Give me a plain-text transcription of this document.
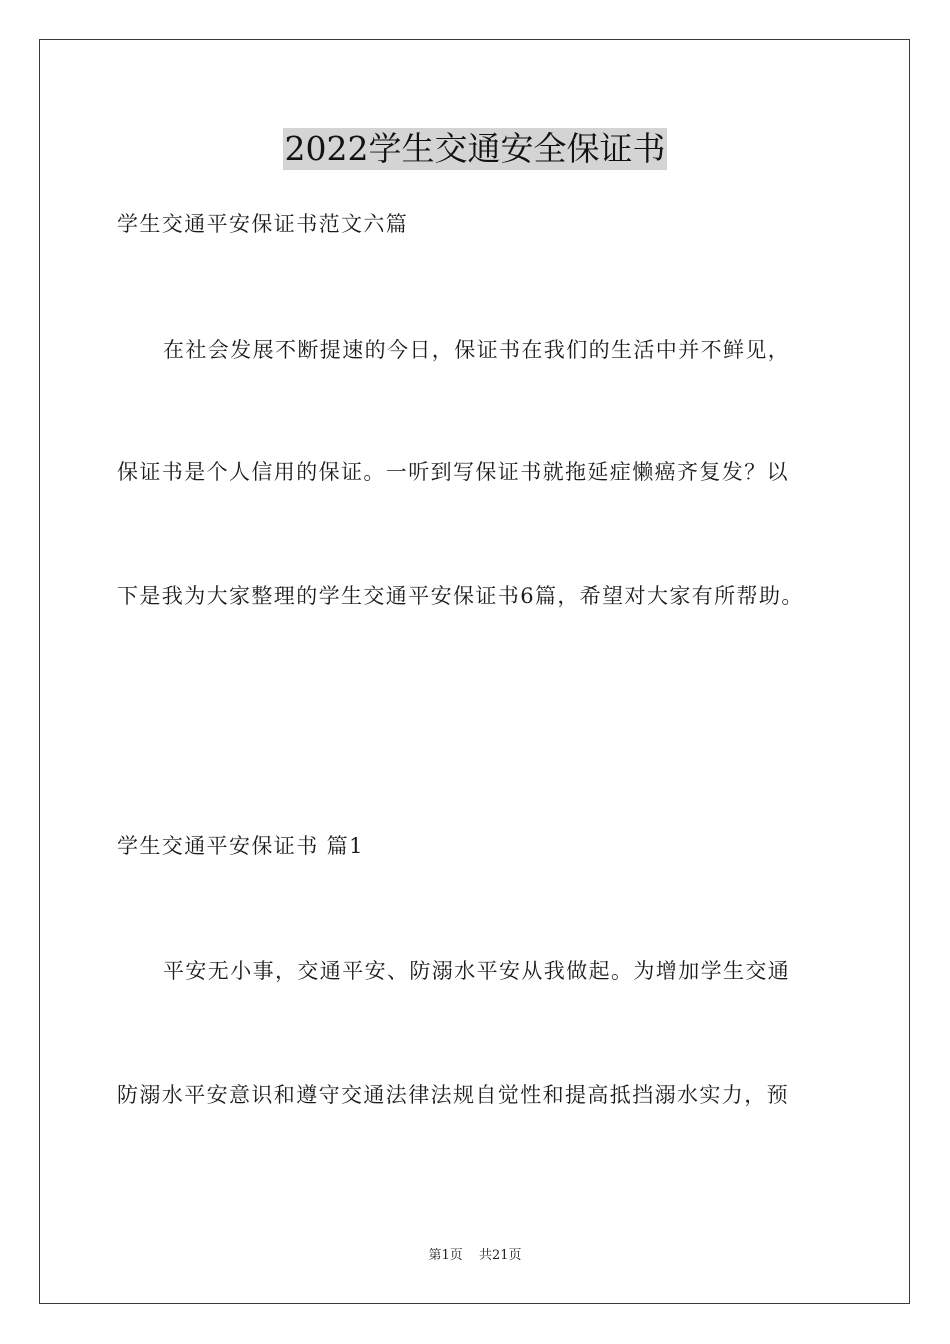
2022学生交通安全保证书
学生交通平安保证书范文六篇
在社会发展不断提速的今日，保证书在我们的生活中并不鲜见，
保证书是个人信用的保证。一听到写保证书就拖延症懒癌齐复发？以
下是我为大家整理的学生交通平安保证书6篇，希望对大家有所帮助。
学生交通平安保证书 篇1
平安无小事，交通平安、防溺水平安从我做起。为增加学生交通
防溺水平安意识和遵守交通法律法规自觉性和提高抵挡溺水实力，预
第1页 共21页
